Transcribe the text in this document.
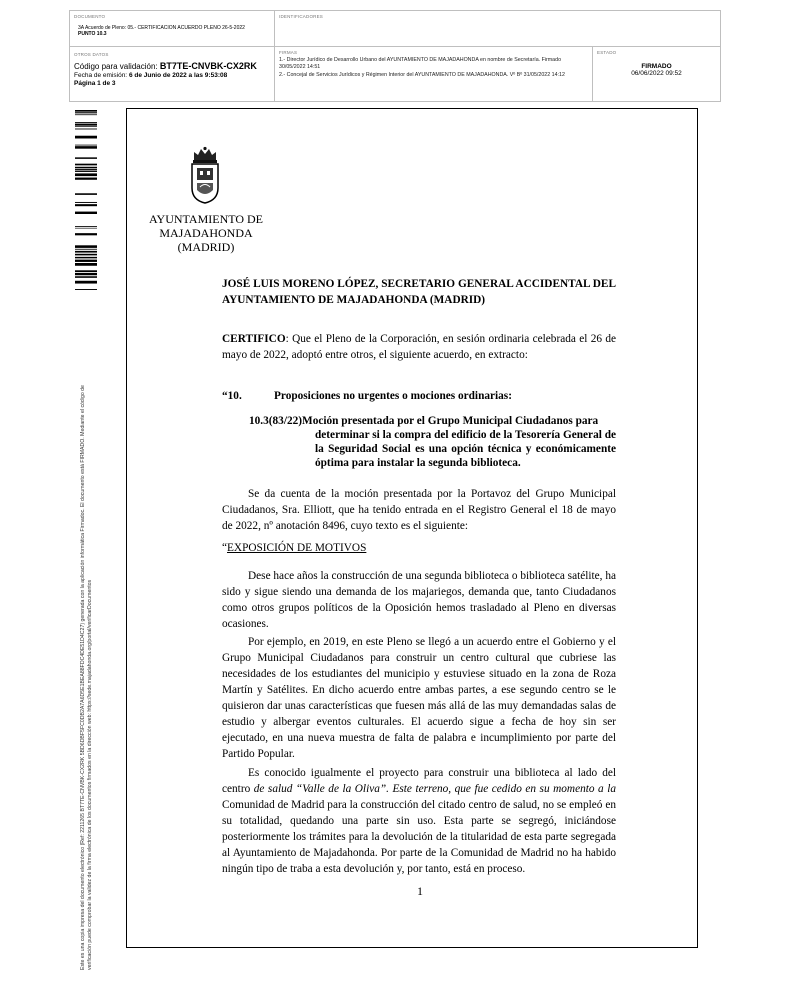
DOCUMENTO
3A Acuerdo de Pleno: 05.- CERTIFICACION ACUERDO PLENO 26-5-2022
PUNTO 10.3
IDENTIFICADORES
OTROS DATOS
Código para validación: BT7TE-CNVBK-CX2RK
Fecha de emisión: 6 de Junio de 2022 a las 9:53:08
Página 1 de 3
FIRMAS
1.- Director Jurídico de Desarrollo Urbano del AYUNTAMIENTO DE MAJADAHONDA en nombre de Secretaría. Firmado 30/05/2022 14:51
2.- Concejal de Servicios Jurídicos y Régimen Interior del AYUNTAMIENTO DE MAJADAHONDA. Vº Bº 31/05/2022 14:12
ESTADO
FIRMADO
06/06/2022 09:52
Este es una copia impresa del documento electrónico (Ref: 2211265 BT7TE-CNVBK-CX2RK 5BD6DBF5FC0DB2A7A6D5E1BEA88FDC4DE51D4C27) generada con la aplicación informática Firmadoc. El documento está FIRMADO. Mediante el código de verificación puede comprobar la validez de la firma electrónica de los documentos firmados en la dirección web: https://sede.majadahonda.org/portal/verificarDocumentos
AYUNTAMIENTO DE
MAJADAHONDA
(MADRID)
JOSÉ LUIS MORENO LÓPEZ, SECRETARIO GENERAL ACCIDENTAL DEL AYUNTAMIENTO DE MAJADAHONDA (MADRID)
CERTIFICO: Que el Pleno de la Corporación, en sesión ordinaria celebrada el 26 de mayo de 2022, adoptó entre otros, el siguiente acuerdo, en extracto:
“10.	Proposiciones no urgentes o mociones ordinarias:
10.3(83/22)Moción presentada por el Grupo Municipal Ciudadanos para
determinar si la compra del edificio de la Tesorería General de la Seguridad Social es una opción técnica y económicamente óptima para instalar la segunda biblioteca.
Se da cuenta de la moción presentada por la Portavoz del Grupo Municipal Ciudadanos, Sra. Elliott, que ha tenido entrada en el Registro General el 18 de mayo de 2022, nº anotación 8496, cuyo texto es el siguiente:
“EXPOSICIÓN DE MOTIVOS
Dese hace años la construcción de una segunda biblioteca o biblioteca satélite, ha sido y sigue siendo una demanda de los majariegos, demanda que, tanto Ciudadanos como otros grupos políticos de la Oposición hemos trasladado al Pleno en diversas ocasiones.
Por ejemplo, en 2019, en este Pleno se llegó a un acuerdo entre el Gobierno y el Grupo Municipal Ciudadanos para construir un centro cultural que cubriese las necesidades de los estudiantes del municipio y estuviese situado en la zona de Roza Martín y Satélites. En dicho acuerdo entre ambas partes, a ese segundo centro se le quisieron dar unas características que fuesen más allá de las muy demandadas salas de estudio y albergar eventos culturales. El acuerdo sigue a fecha de hoy sin ser ejecutado, en una nueva muestra de falta de palabra e incumplimiento por parte del Partido Popular.
Es conocido igualmente el proyecto para construir una biblioteca al lado del centro de salud “Valle de la Oliva”. Este terreno, que fue cedido en su momento a la Comunidad de Madrid para la construcción del citado centro de salud, no se empleó en su totalidad, quedando una parte sin uso. Esta parte se segregó, iniciándose posteriormente los trámites para la devolución de la titularidad de esta parte segregada al Ayuntamiento de Majadahonda. Por parte de la Comunidad de Madrid no ha habido ningún tipo de traba a esta devolución y, por tanto, está en proceso.
1
